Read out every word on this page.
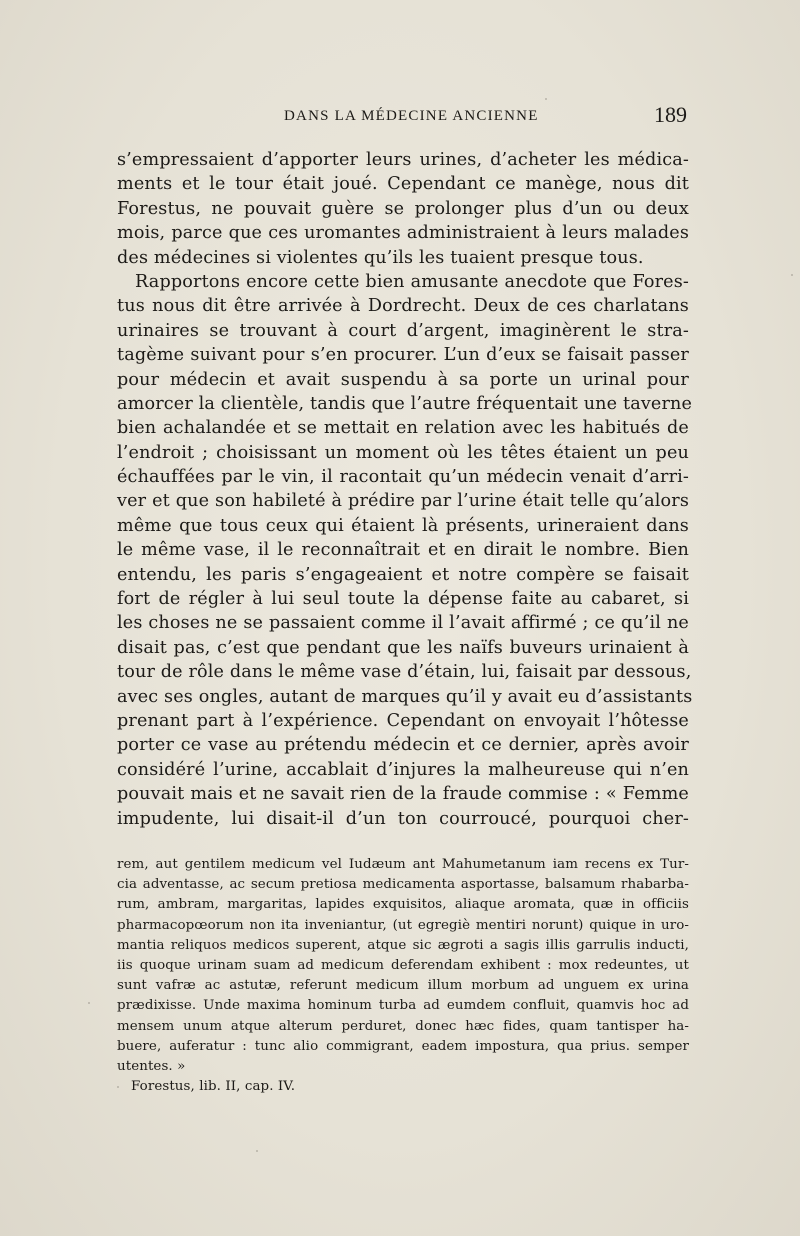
DANS LA MÉDECINE ANCIENNE	189
s’empressaient d’apporter leurs urines, d’acheter les médica-
ments et le tour était joué. Cependant ce manège, nous dit
Forestus, ne pouvait guère se prolonger plus d’un ou deux
mois, parce que ces uromantes administraient à leurs malades
des médecines si violentes qu’ils les tuaient presque tous.
Rapportons encore cette bien amusante anecdote que Fores-
tus nous dit être arrivée à Dordrecht. Deux de ces charlatans
urinaires se trouvant à court d’argent, imaginèrent le stra-
tagème suivant pour s’en procurer. L’un d’eux se faisait passer
pour médecin et avait suspendu à sa porte un urinal pour
amorcer la clientèle, tandis que l’autre fréquentait une taverne
bien achalandée et se mettait en relation avec les habitués de
l’endroit ; choisissant un moment où les têtes étaient un peu
échauffées par le vin, il racontait qu’un médecin venait d’arri-
ver et que son habileté à prédire par l’urine était telle qu’alors
même que tous ceux qui étaient là présents, urineraient dans
le même vase, il le reconnaîtrait et en dirait le nombre. Bien
entendu, les paris s’engageaient et notre compère se faisait
fort de régler à lui seul toute la dépense faite au cabaret, si
les choses ne se passaient comme il l’avait affirmé ; ce qu’il ne
disait pas, c’est que pendant que les naïfs buveurs urinaient à
tour de rôle dans le même vase d’étain, lui, faisait par dessous,
avec ses ongles, autant de marques qu’il y avait eu d’assistants
prenant part à l’expérience. Cependant on envoyait l’hôtesse
porter ce vase au prétendu médecin et ce dernier, après avoir
considéré l’urine, accablait d’injures la malheureuse qui n’en
pouvait mais et ne savait rien de la fraude commise : « Femme
impudente, lui disait-il d’un ton courroucé, pourquoi cher-
rem, aut gentilem medicum vel Iudæum ant Mahumetanum iam recens ex Tur-
cia adventasse, ac secum pretiosa medicamenta asportasse, balsamum rhabarba-
rum, ambram, margaritas, lapides exquisitos, aliaque aromata, quæ in officiis
pharmacopœorum non ita inveniantur, (ut egregiè mentiri norunt) quique in uro-
mantia reliquos medicos superent, atque sic ægroti a sagis illis garrulis inducti,
iis quoque urinam suam ad medicum deferendam exhibent : mox redeuntes, ut
sunt vafræ ac astutæ, referunt medicum illum morbum ad unguem ex urina
prædixisse. Unde maxima hominum turba ad eumdem confluit, quamvis hoc ad
mensem unum atque alterum perduret, donec hæc fides, quam tantisper ha-
buere, auferatur : tunc alio commigrant, eadem impostura, qua prius. semper
utentes. »
Forestus, lib. II, cap. IV.
